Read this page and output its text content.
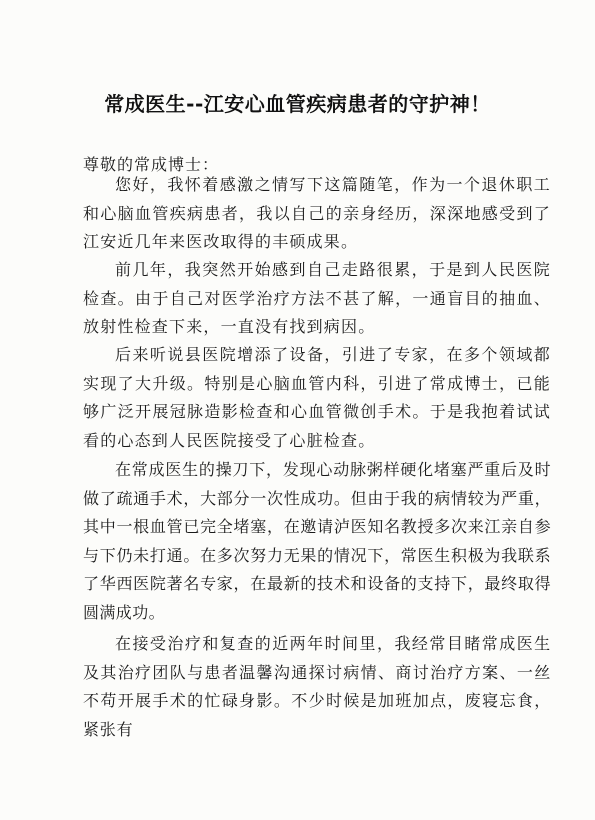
常成医生--江安心血管疾病患者的守护神！
尊敬的常成博士：

您好，我怀着感激之情写下这篇随笔，作为一个退休职工和心脑血管疾病患者，我以自己的亲身经历，深深地感受到了江安近几年来医改取得的丰硕成果。

前几年，我突然开始感到自己走路很累，于是到人民医院检查。由于自己对医学治疗方法不甚了解，一通盲目的抽血、放射性检查下来，一直没有找到病因。

后来听说县医院增添了设备，引进了专家，在多个领域都实现了大升级。特别是心脑血管内科，引进了常成博士，已能够广泛开展冠脉造影检查和心血管微创手术。于是我抱着试试看的心态到人民医院接受了心脏检查。

在常成医生的操刀下，发现心动脉粥样硬化堵塞严重后及时做了疏通手术，大部分一次性成功。但由于我的病情较为严重，其中一根血管已完全堵塞，在邀请泸医知名教授多次来江亲自参与下仍未打通。在多次努力无果的情况下，常医生积极为我联系了华西医院著名专家，在最新的技术和设备的支持下，最终取得圆满成功。

在接受治疗和复查的近两年时间里，我经常目睹常成医生及其治疗团队与患者温馨沟通探讨病情、商讨治疗方案、一丝不苟开展手术的忙碌身影。不少时候是加班加点，废寝忘食，紧张有
